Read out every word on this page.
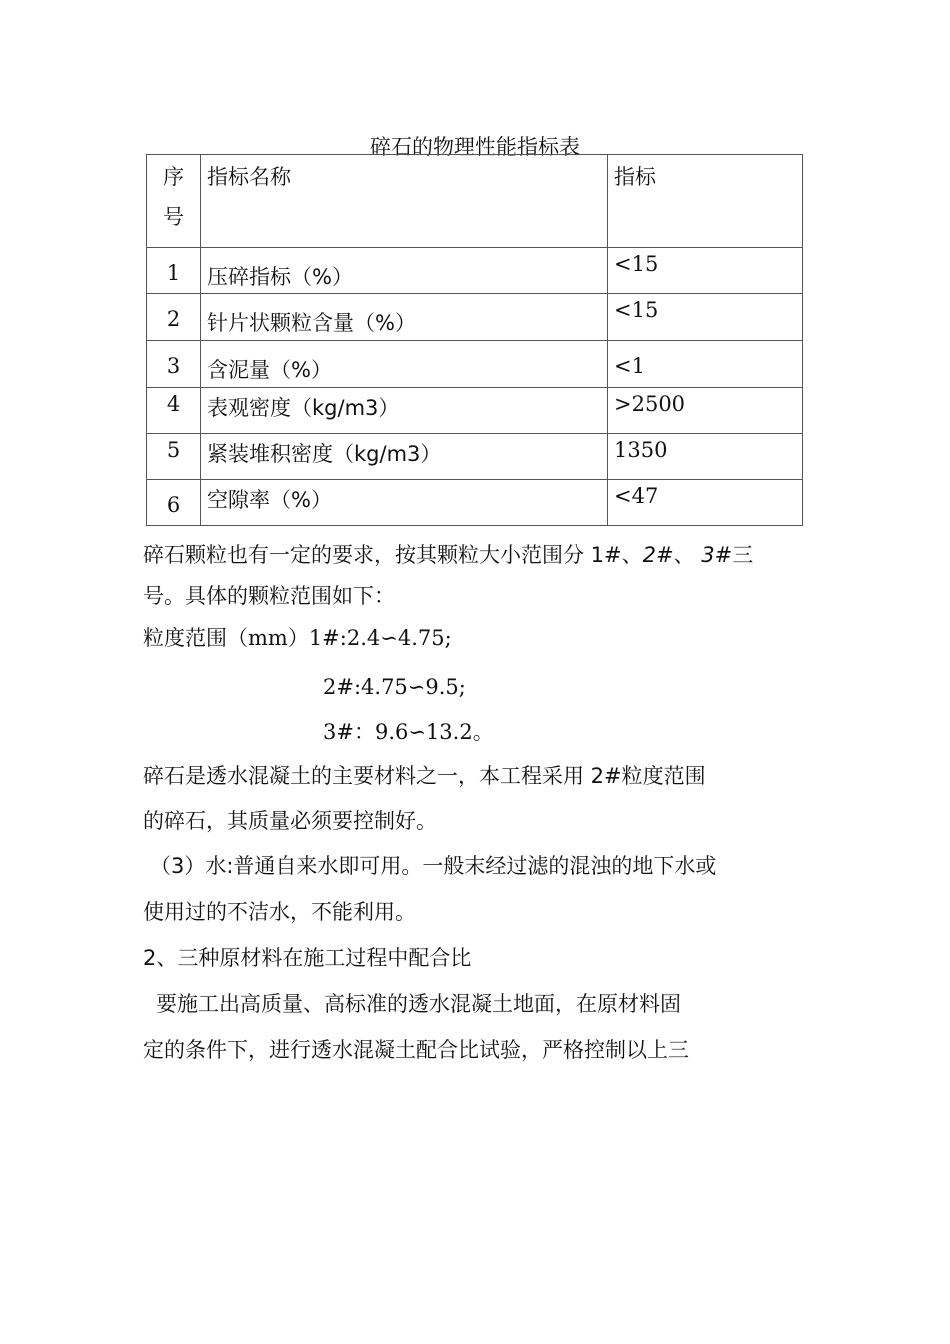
碎石的物理性能指标表
序
号	指标名称	指标

1	压碎指标（%）	<15

2	针片状颗粒含量（%）	<15

3	含泥量（%）	<1

4	表观密度（kg/m3）	>2500

5	紧装堆积密度（kg/m3）	1350

6	空隙率（%）	<47
碎石颗粒也有一定的要求，按其颗粒大小范围分 1#、2#、 3#三
号。具体的颗粒范围如下：
粒度范围（mm）1#:2.4∽4.75;
2#:4.75∽9.5;
3#：9.6∽13.2。
碎石是透水混凝土的主要材料之一，本工程采用 2#粒度范围
的碎石，其质量必须要控制好。
（3）水:普通自来水即可用。一般末经过滤的混浊的地下水或
使用过的不洁水，不能利用。
2、三种原材料在施工过程中配合比
要施工出高质量、高标准的透水混凝土地面，在原材料固
定的条件下，进行透水混凝土配合比试验，严格控制以上三
